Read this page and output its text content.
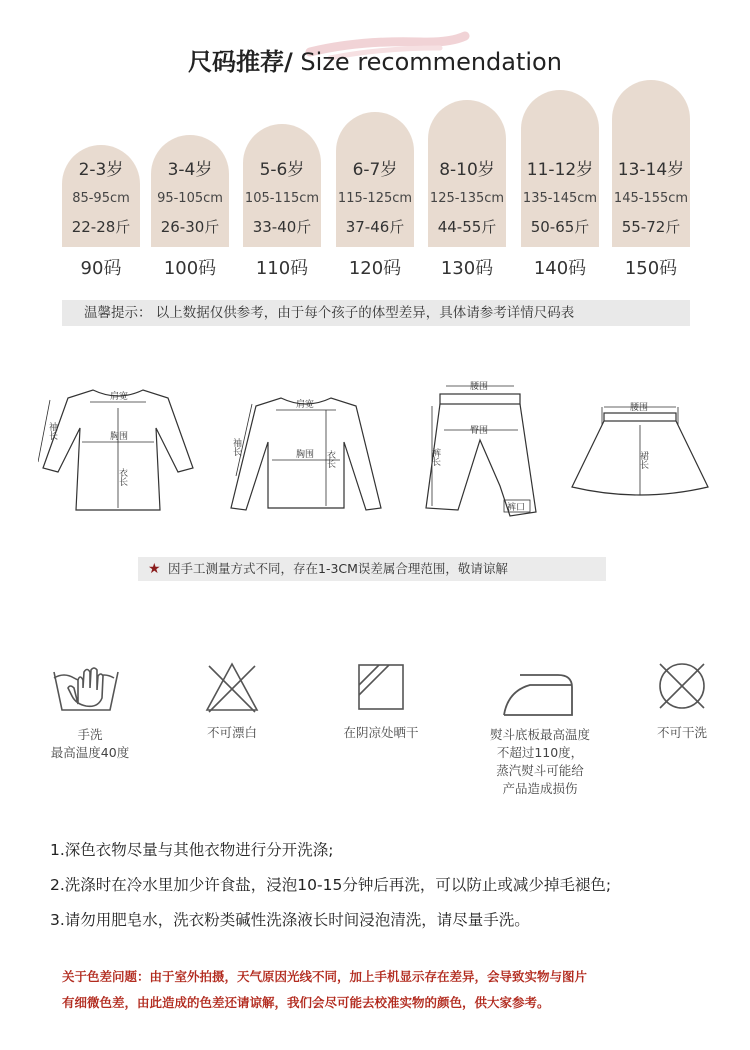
尺码推荐/ Size recommendation
2-3岁
85-95cm
22-28斤
90码
3-4岁
95-105cm
26-30斤
100码
5-6岁
105-115cm
33-40斤
110码
6-7岁
115-125cm
37-46斤
120码
8-10岁
125-135cm
44-55斤
130码
11-12岁
135-145cm
50-65斤
140码
13-14岁
145-155cm
55-72斤
150码
温馨提示： 以上数据仅供参考，由于每个孩子的体型差异，具体请参考详情尺码表
肩宽
胸围
衣长
袖长
肩宽
胸围 衣长
袖长
腰围
臀围
裤长
裤口
腰围
裙长
★ 因手工测量方式不同，存在1-3CM误差属合理范围，敬请谅解
手洗
最高温度40度
不可漂白	在阴凉处晒干	熨斗底板最高温度
不超过110度，
蒸汽熨斗可能给
产品造成损伤
不可干洗
1.深色衣物尽量与其他衣物进行分开洗涤;
2.洗涤时在冷水里加少许食盐，浸泡10-15分钟后再洗，可以防止或减少掉毛褪色;
3.请勿用肥皂水，洗衣粉类碱性洗涤液长时间浸泡清洗，请尽量手洗。
关于色差问题：由于室外拍摄，天气原因光线不同，加上手机显示存在差异，会导致实物与图片
有细微色差，由此造成的色差还请谅解，我们会尽可能去校准实物的颜色，供大家参考。
